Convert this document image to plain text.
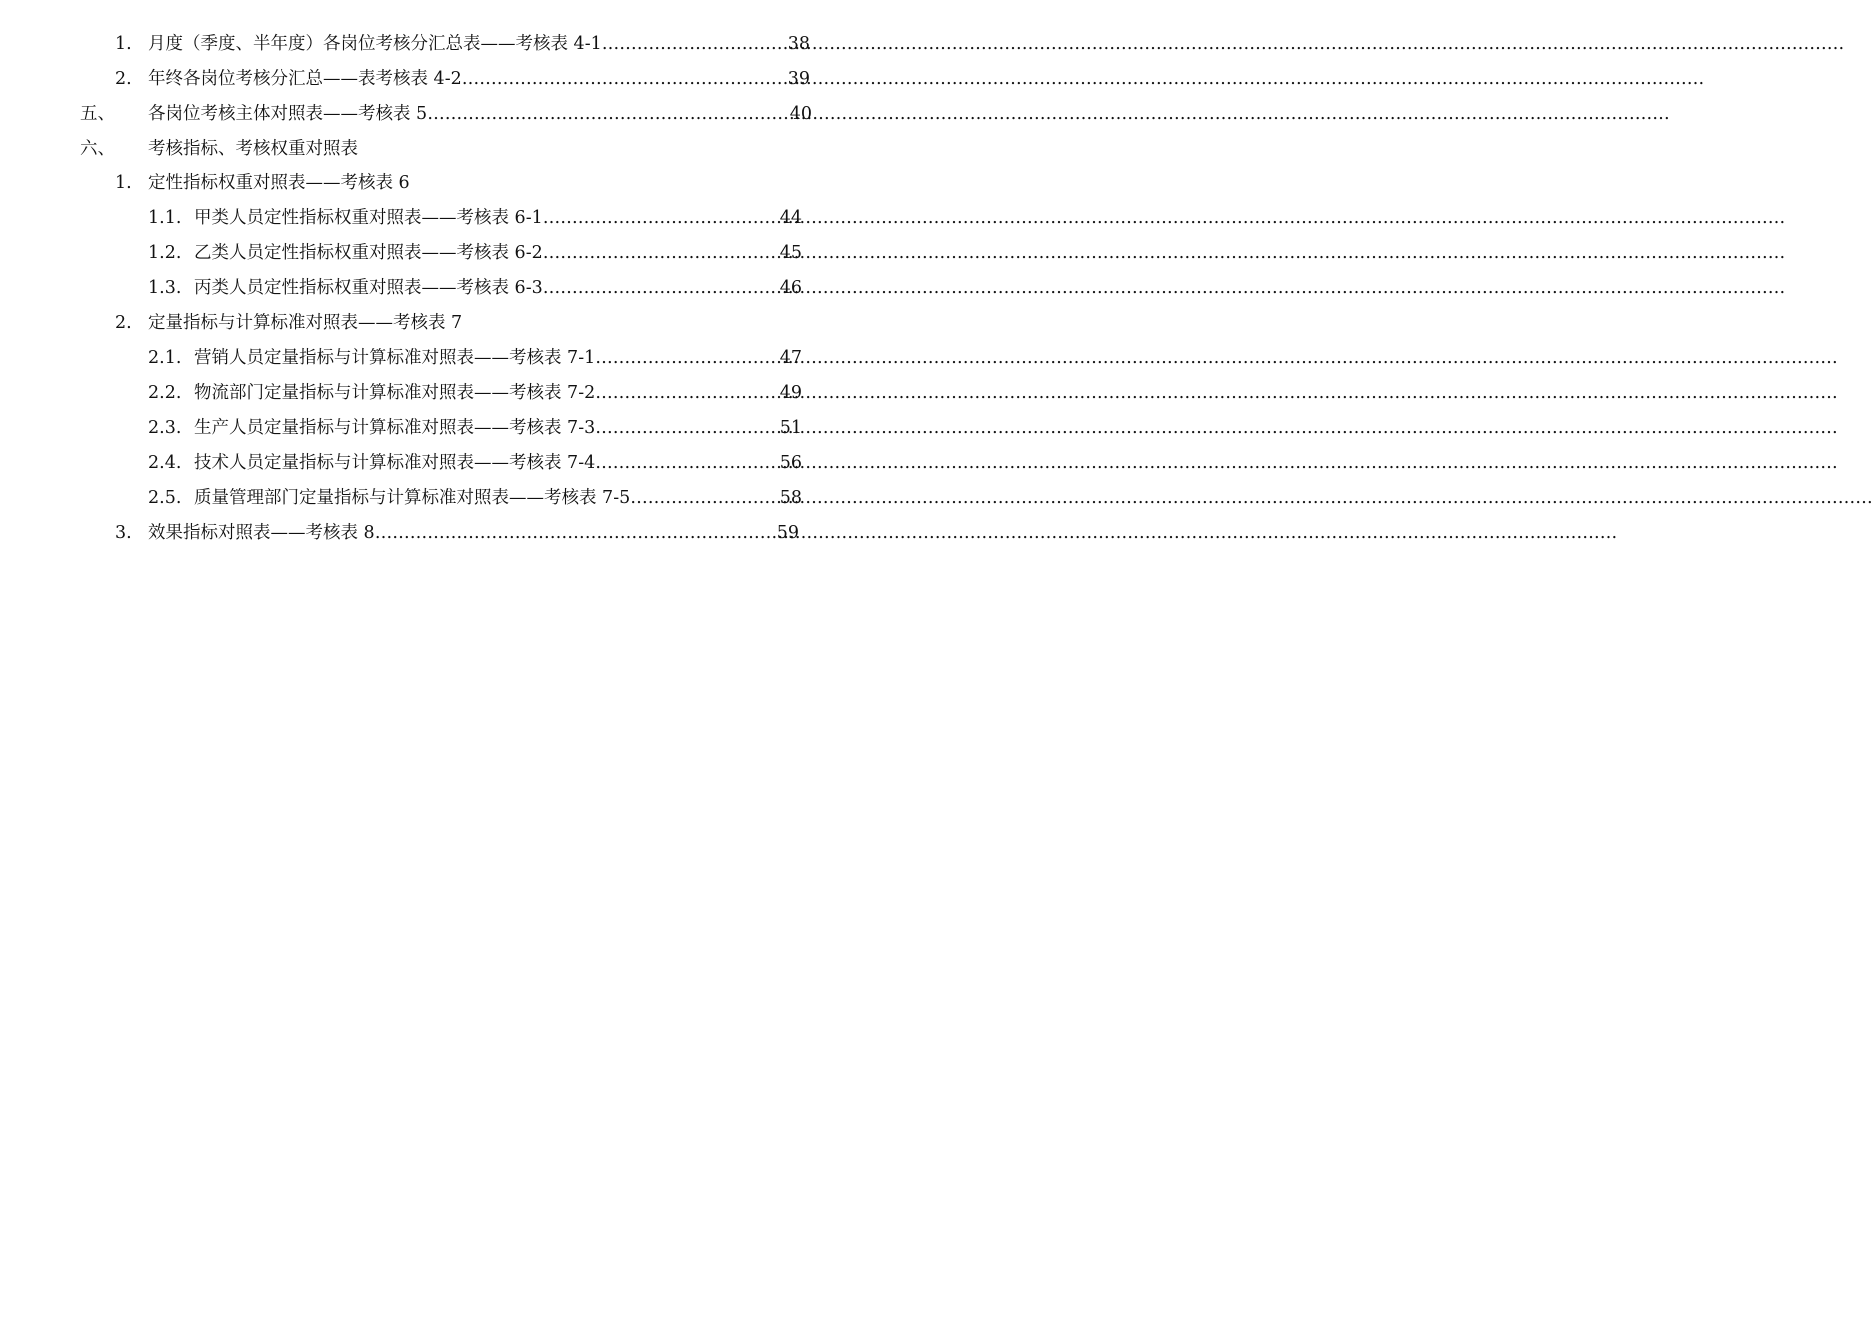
1. 月度（季度、半年度）各岗位考核分汇总表——考核表 4-1 ……………………………………………………………………………………………………………………………………………………………………………………………	38
2. 年终各岗位考核分汇总——表考核表 4-2 ……………………………………………………………………………………………………………………………………………………………………………………………	39
五、	各岗位考核主体对照表——考核表 5 ……………………………………………………………………………………………………………………………………………………………………………………………	40
六、	考核指标、考核权重对照表
1. 定性指标权重对照表——考核表 6
1.1. 甲类人员定性指标权重对照表——考核表 6-1 ……………………………………………………………………………………………………………………………………………………………………………………………	44
1.2. 乙类人员定性指标权重对照表——考核表 6-2 ……………………………………………………………………………………………………………………………………………………………………………………………	45
1.3. 丙类人员定性指标权重对照表——考核表 6-3 ……………………………………………………………………………………………………………………………………………………………………………………………	46
2. 定量指标与计算标准对照表——考核表 7
2.1. 营销人员定量指标与计算标准对照表——考核表 7-1 ……………………………………………………………………………………………………………………………………………………………………………………………	47
2.2. 物流部门定量指标与计算标准对照表——考核表 7-2 ……………………………………………………………………………………………………………………………………………………………………………………………	49
2.3. 生产人员定量指标与计算标准对照表——考核表 7-3 ……………………………………………………………………………………………………………………………………………………………………………………………	51
2.4. 技术人员定量指标与计算标准对照表——考核表 7-4 ……………………………………………………………………………………………………………………………………………………………………………………………	56
2.5. 质量管理部门定量指标与计算标准对照表——考核表 7-5 ……………………………………………………………………………………………………………………………………………………………………………………………	58
3. 效果指标对照表——考核表 8 ……………………………………………………………………………………………………………………………………………………………………………………………	59
